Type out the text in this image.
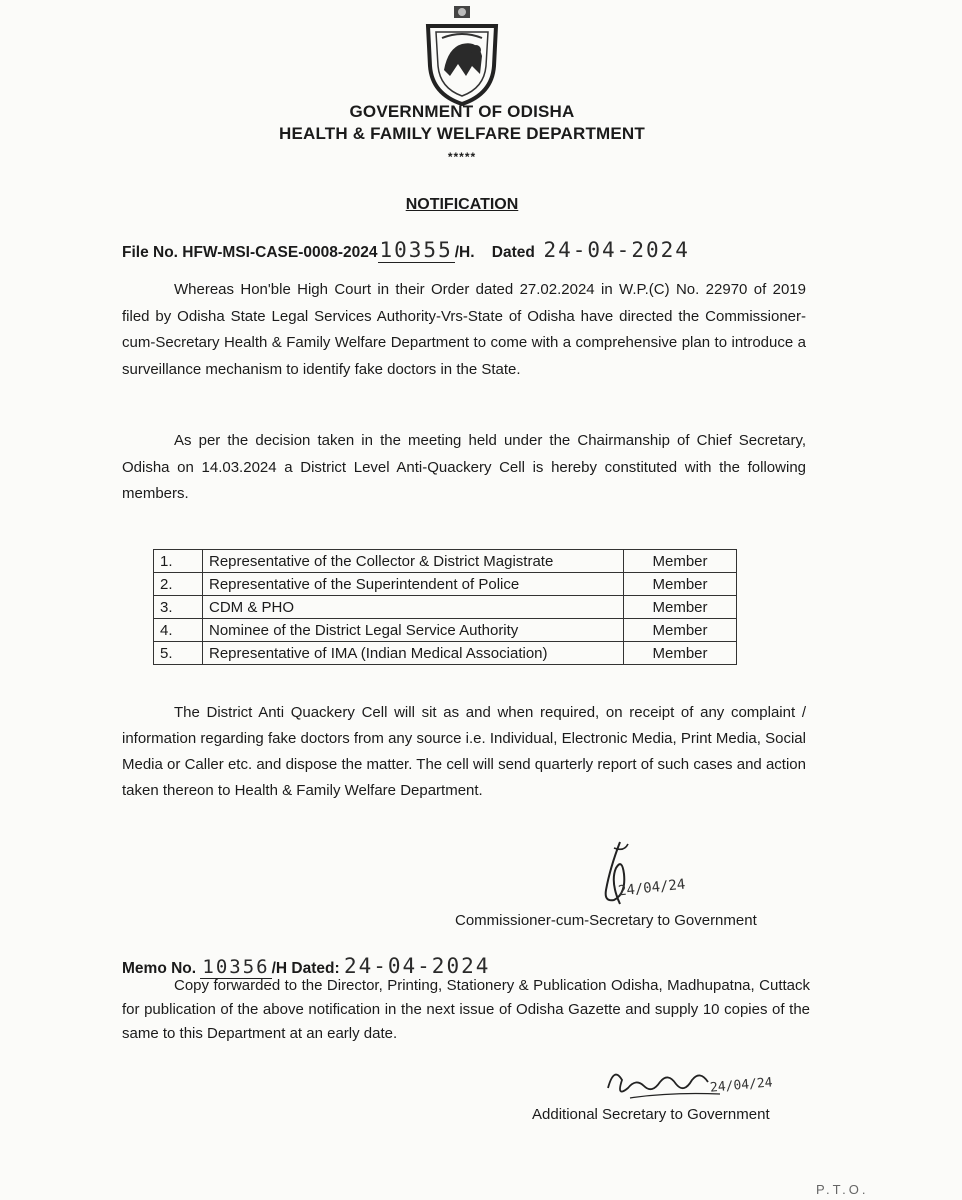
GOVERNMENT OF ODISHA
HEALTH & FAMILY WELFARE DEPARTMENT
*****
NOTIFICATION
File No. HFW-MSI-CASE-0008-202410355 /H. Dated 24-04-2024
Whereas Hon'ble High Court in their Order dated 27.02.2024 in W.P.(C) No. 22970 of 2019 filed by Odisha State Legal Services Authority-Vrs-State of Odisha have directed the Commissioner-cum-Secretary Health & Family Welfare Department to come with a comprehensive plan to introduce a surveillance mechanism to identify fake doctors in the State.
As per the decision taken in the meeting held under the Chairmanship of Chief Secretary, Odisha on 14.03.2024 a District Level Anti-Quackery Cell is hereby constituted with the following members.
1.	Representative of the Collector & District Magistrate	Member
2.	Representative of the Superintendent of Police	Member
3.	CDM & PHO	Member
4.	Nominee of the District Legal Service Authority	Member
5.	Representative of IMA (Indian Medical Association)	Member
The District Anti Quackery Cell will sit as and when required, on receipt of any complaint / information regarding fake doctors from any source i.e. Individual, Electronic Media, Print Media, Social Media or Caller etc. and dispose the matter. The cell will send quarterly report of such cases and action taken thereon to Health & Family Welfare Department.
24/04/24
Commissioner-cum-Secretary to Government
Memo No. 10356 /H Dated: 24-04-2024
Copy forwarded to the Director, Printing, Stationery & Publication Odisha, Madhupatna, Cuttack for publication of the above notification in the next issue of Odisha Gazette and supply 10 copies of the same to this Department at an early date.
24/04/24
Additional Secretary to Government
P.T.O.
